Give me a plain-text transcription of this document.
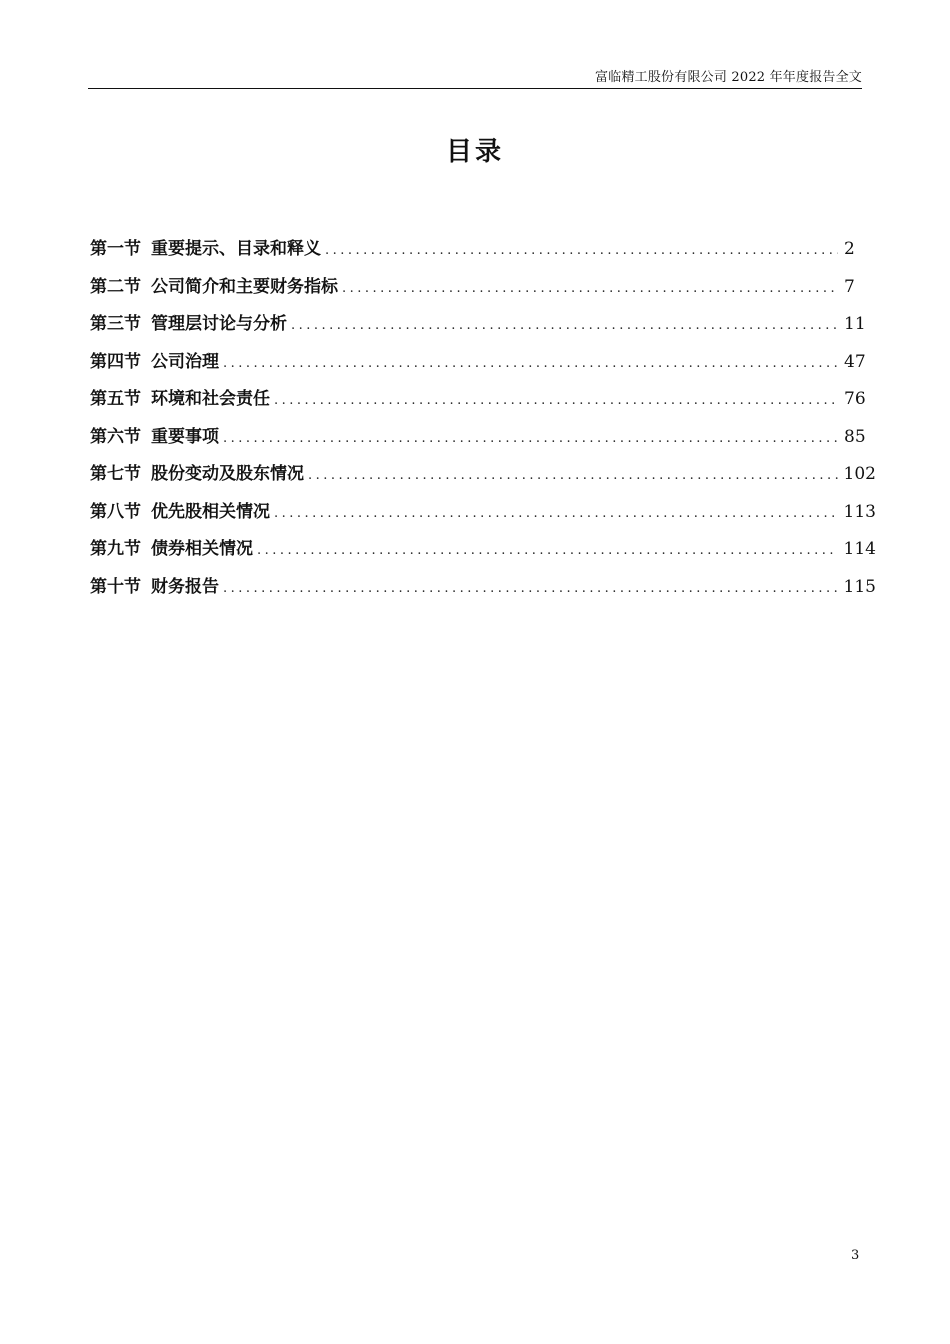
富临精工股份有限公司 2022 年年度报告全文
目录
第一节 重要提示、目录和释义 .....	2
第二节 公司简介和主要财务指标 .....	7
第三节 管理层讨论与分析 .....	11
第四节 公司治理 .....	47
第五节 环境和社会责任 .....	76
第六节 重要事项 .....	85
第七节 股份变动及股东情况 .....	102
第八节 优先股相关情况 .....	113
第九节 债券相关情况 .....	114
第十节 财务报告 .....	115
3
